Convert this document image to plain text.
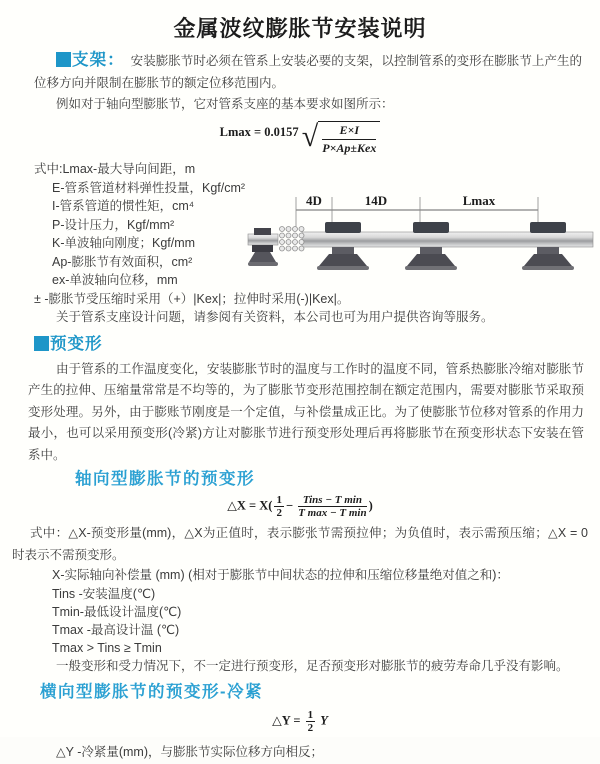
金属波纹膨胀节安装说明

支架： 安装膨胀节时必须在管系上安装必要的支架，以控制管系的变形在膨胀节上产生的位移方向并限制在膨胀节的额定位移范围内。

例如对于轴向型膨胀节，它对管系支座的基本要求如图所示：

Lmax = 0.0157 √ $\frac{E\times I}{\text{P×Ap±Kex}}$
式中:Lmax-最大导向间距，m
E-管系管道材料弹性投量，Kgf/cm²
I-管系管道的惯性矩，cm⁴
P-设计压力，Kgf/mm²
K-单波轴向刚度；Kgf/mm
Ap-膨胀节有效面积，cm²
ex-单波轴向位移，mm
± -膨胀节受压缩时采用（+）|Kex|；拉伸时采用(-)|Kex|。
关于管系支座设计问题，请参阅有关资料，本公司也可为用户提供咨询等服务。
4D	14D	Lmax
预变形

由于管系的工作温度变化，安装膨胀节时的温度与工作时的温度不同，管系热膨胀冷缩对膨胀节产生的拉伸、压缩量常常是不均等的，为了膨胀节变形范围控制在额定范围内，需要对膨胀节采取预变形处理。另外，由于膨账节刚度是一个定值，与补偿量成正比。为了使膨胀节位移对管系的作用力最小，也可以采用预变形(冷紧)方让对膨胀节进行预变形处理后再将膨胀节在预变形状态下安装在管系中。

轴向型膨胀节的预变形
△X = $X( \frac{1}{2} - \frac{\text{Tins − T min}}{\text{T max − T min}}$ )

式中：△X-预变形量(mm)，△X为正值时，表示膨张节需预拉伸；为负值时，表示需预压缩；△X = 0时表示不需预变形。

X-实际轴向补偿量 (mm) (相对于膨胀节中间状态的拉伸和压缩位移量绝对值之和)：
Tins -安装温度(℃)
Tmin-最低设计温度(℃)
Tmax -最高设计温 (℃)
Tmax > Tins ≥ Tmin
一般变形和受力情况下，不一定进行预变形，足否预变形对膨胀节的疲劳寿命几乎没有影响。
横向型膨胀节的预变形-冷紧
△Y = $\frac{1}{2}$ Y
△Y -冷紧量(mm)，与膨胀节实际位移方向相反；
